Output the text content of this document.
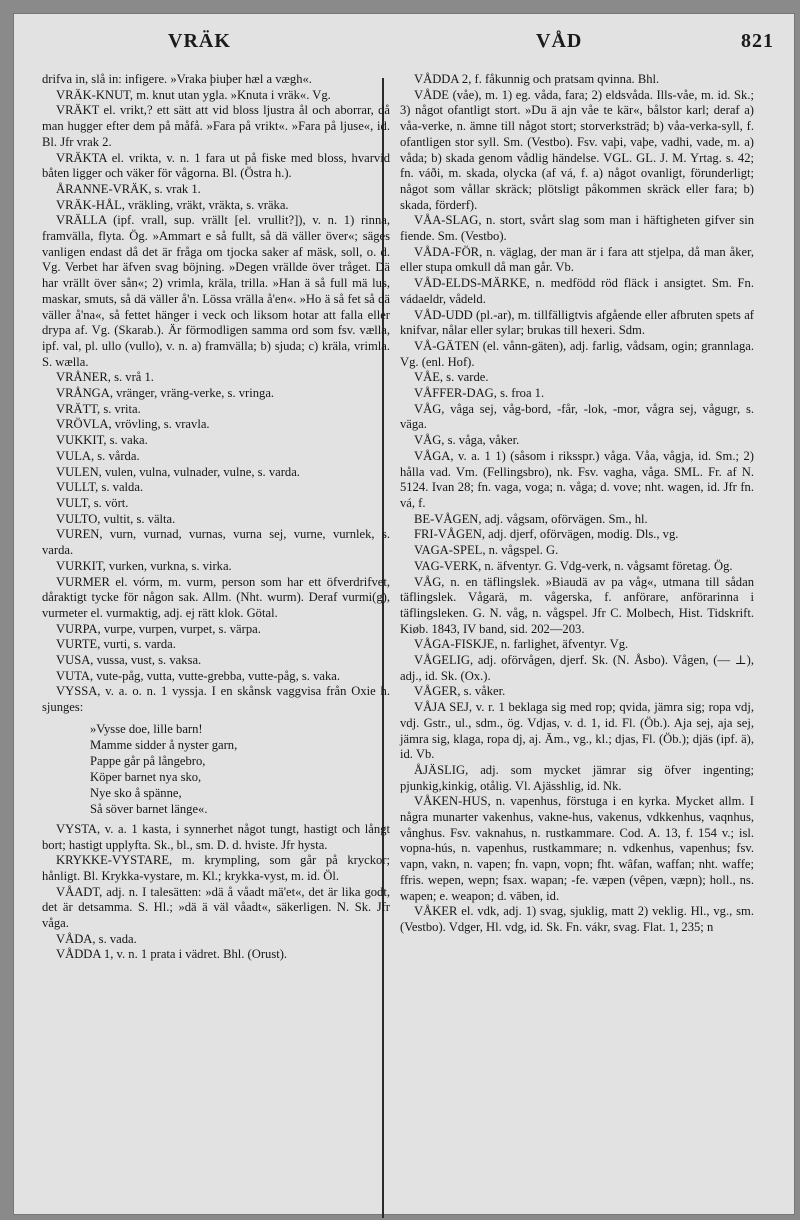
VRÄK	VÅD	821

drifva in, slå in: infigere. »Vraka þiuþer hæl a vægh«.

VRÄK-KNUT, m. knut utan ygla. »Knuta i vräk«. Vg.

VRÄKT el. vrikt,? ett sätt att vid bloss ljustra ål och aborrar, då man hugger efter dem på måfå. »Fara på vrikt«. »Fara på ljuse«, id. Bl. Jfr vrak 2.

VRÄKTA el. vrikta, v. n. 1 fara ut på fiske med bloss, hvarvid båten ligger och väker för vågorna. Bl. (Östra h.).

ÅRANNE-VRÄK, s. vrak 1.

VRÄK-HÅL, vräkling, vräkt, vräkta, s. vräka.

VRÄLLA (ipf. vrall, sup. vrällt [el. vrullit?]), v. n. 1) rinna, framvälla, flyta. Ög. »Ammart e så fullt, så dä väller över«; säges vanligen endast då det är fråga om tjocka saker af mäsk, soll, o. d. Vg. Verbet har äfven svag böjning. »Degen vrällde över tråget. Dä har vrällt över sån«; 2) vrimla, kräla, trilla. »Han ä så full mä lus, maskar, smuts, så dä väller å'n. Lössa vrälla å'en«. »Ho ä så fet så dä väller å'na«, så fettet hänger i veck och liksom hotar att falla eller drypa af. Vg. (Skarab.). Är förmodligen samma ord som fsv. vælla, ipf. val, pl. ullo (vullo), v. n. a) framvälla; b) sjuda; c) kräla, vrimla. S. wælla.

VRÅNER, s. vrå 1.

VRÅNGA, vränger, vräng-verke, s. vringa.

VRÄTT, s. vrita.

VRÖVLA, vrövling, s. vravla.

VUKKIT, s. vaka.

VULA, s. vårda.

VULEN, vulen, vulna, vulnader, vulne, s. varda.

VULLT, s. valda.

VULT, s. vört.

VULTO, vultit, s. välta.

VUREN, vurn, vurnad, vurnas, vurna sej, vurne, vurnlek, s. varda.

VURKIT, vurken, vurkna, s. virka.

VURMER el. vórm, m. vurm, person som har ett öfverdrifvet, dåraktigt tycke för någon sak. Allm. (Nht. wurm). Deraf vurmi(g), vurmeter el. vurmaktig, adj. ej rätt klok. Götal.

VURPA, vurpe, vurpen, vurpet, s. värpa.

VURTE, vurti, s. varda.

VUSA, vussa, vust, s. vaksa.

VUTA, vute-påg, vutta, vutte-grebba, vutte-påg, s. vaka.

VYSSA, v. a. o. n. 1 vyssja. I en skånsk vaggvisa från Oxie h. sjunges:

»Vysse doe, lille barn!
Mamme sidder å nyster garn,
Pappe går på långebro,
Köper barnet nya sko,
Nye sko å spänne,
Så söver barnet länge«.

VYSTA, v. a. 1 kasta, i synnerhet något tungt, hastigt och långt bort; hastigt upplyfta. Sk., bl., sm. D. d. hviste. Jfr hysta.

KRYKKE-VYSTARE, m. krympling, som går på kryckor; hånligt. Bl. Krykka-vystare, m. Kl.; krykka-vyst, m. id. Öl.

VÅADT, adj. n. I talesätten: »dä å våadt mä'et«, det är lika godt, det är detsamma. S. Hl.; »dä ä väl våadt«, säkerligen. N. Sk. Jfr våga.

VÅDA, s. vada.

VÅDDA 1, v. n. 1 prata i vädret. Bhl. (Orust).

VÅDDA 2, f. fåkunnig och pratsam qvinna. Bhl.

VÅDE (våe), m. 1) eg. våda, fara; 2) eldsvåda. Ills-våe, m. id. Sk.; 3) något ofantligt stort. »Du ä ajn våe te kär«, bålstor karl; deraf a) våa-verke, n. ämne till något stort; storverksträd; b) våa-verka-syll, f. ofantligen stor syll. Sm. (Vestbo). Fsv. vaþi, vaþe, vadhi, vade, m. a) våda; b) skada genom vådlig händelse. VGL. GL. J. M. Yrtag. s. 42; fn. váði, m. skada, olycka (af vá, f. a) något ovanligt, förunderligt; något som vållar skräck; plötsligt påkommen skräck eller fara; b) skada, förderf).

VÅA-SLAG, n. stort, svårt slag som man i häftigheten gifver sin fiende. Sm. (Vestbo).

VÅDA-FÖR, n. väglag, der man är i fara att stjelpa, då man åker, eller stupa omkull då man går. Vb.

VÅD-ELDS-MÄRKE, n. medfödd röd fläck i ansigtet. Sm. Fn. vádaeldr, vådeld.

VÅD-UDD (pl.-ar), m. tillfälligtvis afgående eller afbruten spets af knifvar, nålar eller sylar; brukas till hexeri. Sdm.

VÅ-GÄTEN (el. vånn-gäten), adj. farlig, vådsam, ogin; grannlaga. Vg. (enl. Hof).

VÅE, s. varde.

VÅFFER-DAG, s. froa 1.

VÅG, våga sej, våg-bord, -får, -lok, -mor, vågra sej, vågugr, s. väga.

VÅG, s. våga, våker.

VÅGA, v. a. 1 1) (såsom i riksspr.) våga. Våa, vågja, id. Sm.; 2) hålla vad. Vm. (Fellingsbro), nk. Fsv. vagha, våga. SML. Fr. af N. 5124. Ivan 28; fn. vaga, voga; n. våga; d. vove; nht. wagen, id. Jfr fn. vá, f.

BE-VÅGEN, adj. vågsam, oförvägen. Sm., hl.

FRI-VÅGEN, adj. djerf, oförvägen, modig. Dls., vg.

VAGA-SPEL, n. vågspel. G.

VAG-VERK, n. äfventyr. G. Vdg-verk, n. vågsamt företag. Ög.

VÅG, n. en täflingslek. »Biaudä av pa våg«, utmana till sådan täflingslek. Vågarä, m. vågerska, f. anförare, anförarinna i täflingsleken. G. N. våg, n. vågspel. Jfr C. Molbech, Hist. Tidskrift. Kiøb. 1843, IV band, sid. 202—203.

VÅGA-FISKJE, n. farlighet, äfventyr. Vg.

VÅGELIG, adj. oförvågen, djerf. Sk. (N. Åsbo). Vågen, (— ⊥), adj., id. Sk. (Ox.).

VÅGER, s. våker.

VÅJA SEJ, v. r. 1 beklaga sig med rop; qvida, jämra sig; ropa vdj, vdj. Gstr., ul., sdm., ög. Vdjas, v. d. 1, id. Fl. (Öb.). Aja sej, aja sej, jämra sig, klaga, ropa dj, aj. Ām., vg., kl.; djas, Fl. (Öb.); djäs (ipf. ä), id. Vb.

ÅJÄSLIG, adj. som mycket jämrar sig öfver ingenting; pjunkig,kinkig, otålig. Vl. Ajässhlig, id. Nk.

VÅKEN-HUS, n. vapenhus, förstuga i en kyrka. Mycket allm. I några munarter vakenhus, vakne-hus, vakenus, vdkkenhus, vaqnhus, vånghus. Fsv. vaknahus, n. rustkammare. Cod. A. 13, f. 154 v.; isl. vopna-hús, n. vapenhus, rustkammare; n. vdkenhus, vapenhus; fsv. vapn, vakn, n. vapen; fn. vapn, vopn; fht. wâfan, waffan; nht. waffe; ffris. wepen, wepn; fsax. wapan; -fe. væpen (vêpen, væpn); holl., ns. wapen; e. weapon; d. vāben, id.

VÅKER el. vdk, adj. 1) svag, sjuklig, matt 2) veklig. Hl., vg., sm. (Vestbo). Vdger, Hl. vdg, id. Sk. Fn. vákr, svag. Flat. 1, 235; n
